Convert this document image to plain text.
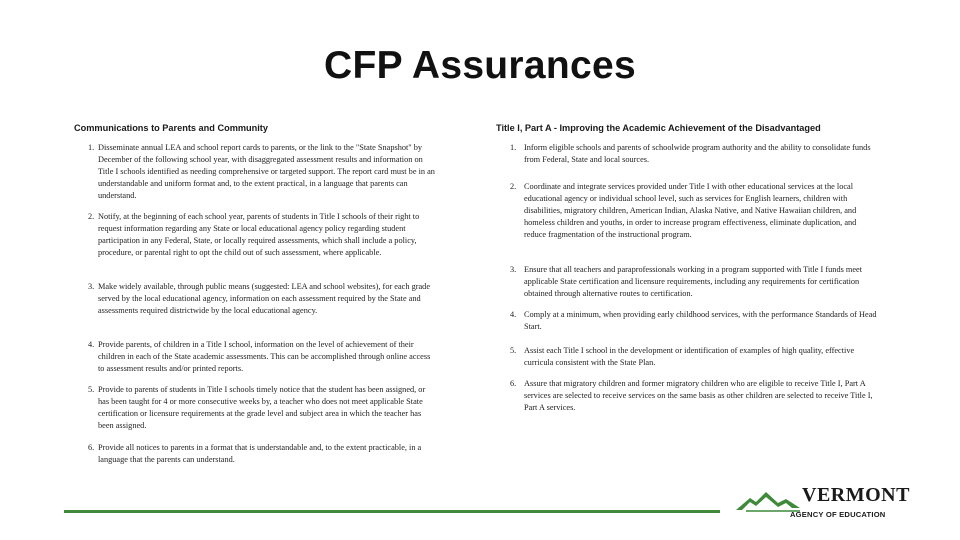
CFP Assurances
Communications to Parents and Community
1. Disseminate annual LEA and school report cards to parents, or the link to the "State Snapshot" by December of the following school year, with disaggregated assessment results and information on Title I schools identified as needing comprehensive or targeted support. The report card must be in an understandable and uniform format and, to the extent practical, in a language that parents can understand.
2. Notify, at the beginning of each school year, parents of students in Title I schools of their right to request information regarding any State or local educational agency policy regarding student participation in any Federal, State, or locally required assessments, which shall include a policy, procedure, or parental right to opt the child out of such assessment, where applicable.
3. Make widely available, through public means (suggested: LEA and school websites), for each grade served by the local educational agency, information on each assessment required by the State and assessments required districtwide by the local educational agency.
4. Provide parents, of children in a Title I school, information on the level of achievement of their children in each of the State academic assessments. This can be accomplished through online access to assessment results and/or printed reports.
5. Provide to parents of students in Title I schools timely notice that the student has been assigned, or has been taught for 4 or more consecutive weeks by, a teacher who does not meet applicable State certification or licensure requirements at the grade level and subject area in which the teacher has been assigned.
6. Provide all notices to parents in a format that is understandable and, to the extent practicable, in a language that the parents can understand.
Title I, Part A - Improving the Academic Achievement of the Disadvantaged
1. Inform eligible schools and parents of schoolwide program authority and the ability to consolidate funds from Federal, State and local sources.
2. Coordinate and integrate services provided under Title I with other educational services at the local educational agency or individual school level, such as services for English learners, children with disabilities, migratory children, American Indian, Alaska Native, and Native Hawaiian children, and homeless children and youths, in order to increase program effectiveness, eliminate duplication, and reduce fragmentation of the instructional program.
3. Ensure that all teachers and paraprofessionals working in a program supported with Title I funds meet applicable State certification and licensure requirements, including any requirements for certification obtained through alternative routes to certification.
4. Comply at a minimum, when providing early childhood services, with the performance Standards of Head Start.
5. Assist each Title I school in the development or identification of examples of high quality, effective curricula consistent with the State Plan.
6. Assure that migratory children and former migratory children who are eligible to receive Title I, Part A services are selected to receive services on the same basis as other children are selected to receive Title I, Part A services.
VERMONT
AGENCY OF EDUCATION
